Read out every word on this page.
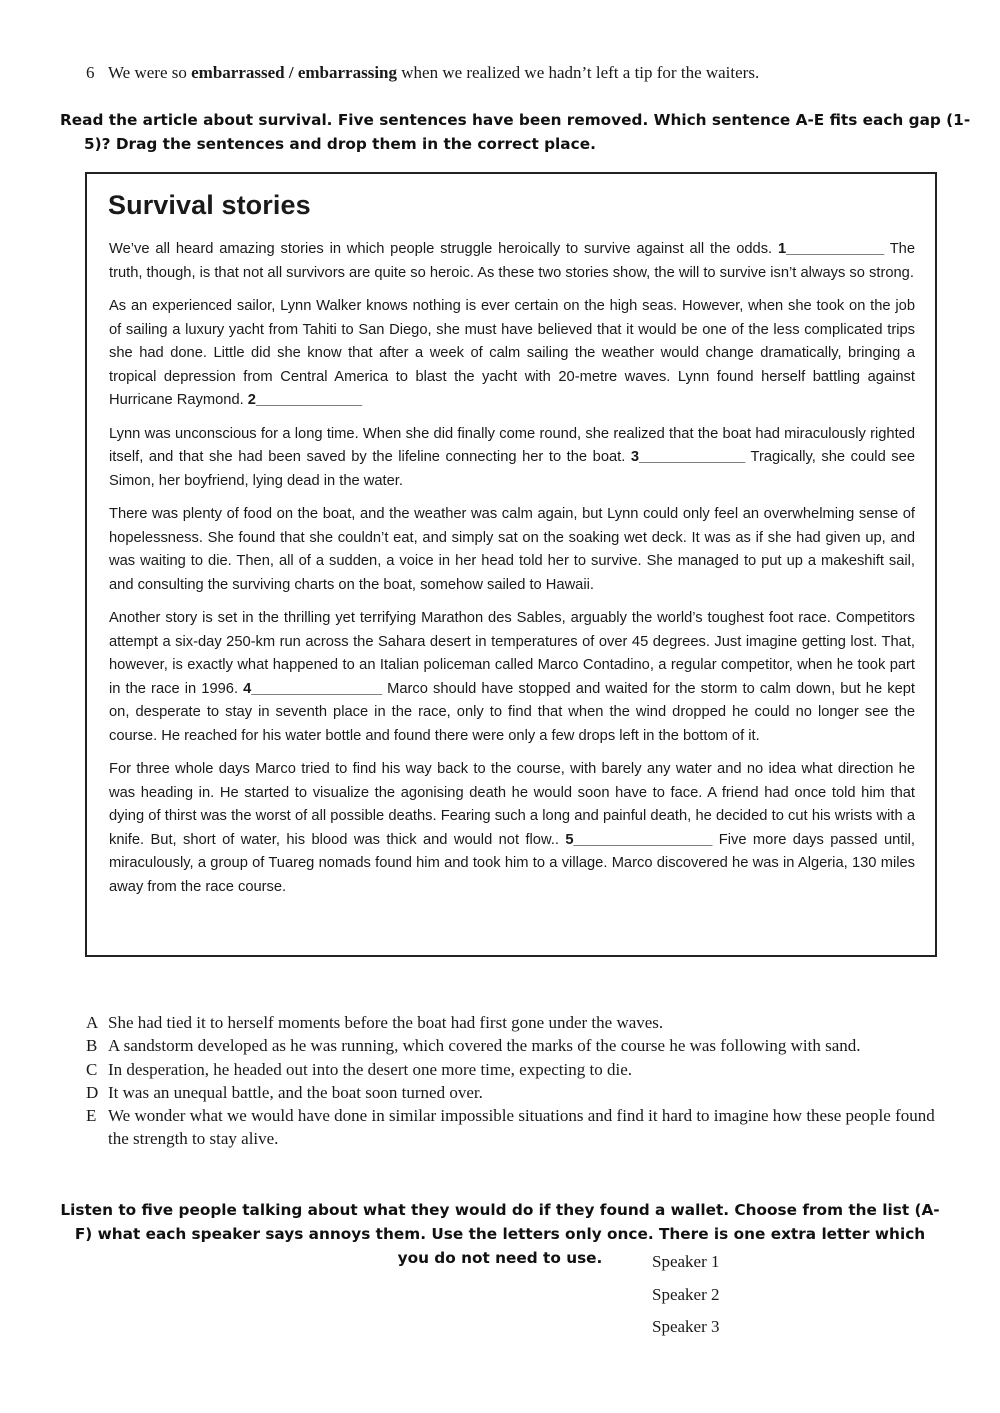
6 We were so embarrassed / embarrassing when we realized we hadn’t left a tip for the waiters.
Read the article about survival. Five sentences have been removed. Which sentence A-E fits each gap (1-5)? Drag the sentences and drop them in the correct place.
Survival stories

We’ve all heard amazing stories in which people struggle heroically to survive against all the odds. 1____________ The truth, though, is that not all survivors are quite so heroic. As these two stories show, the will to survive isn’t always so strong.

As an experienced sailor, Lynn Walker knows nothing is ever certain on the high seas. However, when she took on the job of sailing a luxury yacht from Tahiti to San Diego, she must have believed that it would be one of the less complicated trips she had done. Little did she know that after a week of calm sailing the weather would change dramatically, bringing a tropical depression from Central America to blast the yacht with 20-metre waves. Lynn found herself battling against Hurricane Raymond. 2_____________

Lynn was unconscious for a long time. When she did finally come round, she realized that the boat had miraculously righted itself, and that she had been saved by the lifeline connecting her to the boat. 3_____________ Tragically, she could see Simon, her boyfriend, lying dead in the water.

There was plenty of food on the boat, and the weather was calm again, but Lynn could only feel an overwhelming sense of hopelessness. She found that she couldn’t eat, and simply sat on the soaking wet deck. It was as if she had given up, and was waiting to die. Then, all of a sudden, a voice in her head told her to survive. She managed to put up a makeshift sail, and consulting the surviving charts on the boat, somehow sailed to Hawaii.

Another story is set in the thrilling yet terrifying Marathon des Sables, arguably the world’s toughest foot race. Competitors attempt a six-day 250-km run across the Sahara desert in temperatures of over 45 degrees. Just imagine getting lost. That, however, is exactly what happened to an Italian policeman called Marco Contadino, a regular competitor, when he took part in the race in 1996. 4________________ Marco should have stopped and waited for the storm to calm down, but he kept on, desperate to stay in seventh place in the race, only to find that when the wind dropped he could no longer see the course. He reached for his water bottle and found there were only a few drops left in the bottom of it.

For three whole days Marco tried to find his way back to the course, with barely any water and no idea what direction he was heading in. He started to visualize the agonising death he would soon have to face. A friend had once told him that dying of thirst was the worst of all possible deaths. Fearing such a long and painful death, he decided to cut his wrists with a knife. But, short of water, his blood was thick and would not flow.. 5_________________ Five more days passed until, miraculously, a group of Tuareg nomads found him and took him to a village. Marco discovered he was in Algeria, 130 miles away from the race course.

A She had tied it to herself moments before the boat had first gone under the waves.
B A sandstorm developed as he was running, which covered the marks of the course he was following with sand.
C In desperation, he headed out into the desert one more time, expecting to die.
D It was an unequal battle, and the boat soon turned over.
E We wonder what we would have done in similar impossible situations and find it hard to imagine how these people found the strength to stay alive.
Listen to five people talking about what they would do if they found a wallet. Choose from the list (A-F) what each speaker says annoys them. Use the letters only once. There is one extra letter which you do not need to use.	Speaker 1
Speaker 2
Speaker 3
